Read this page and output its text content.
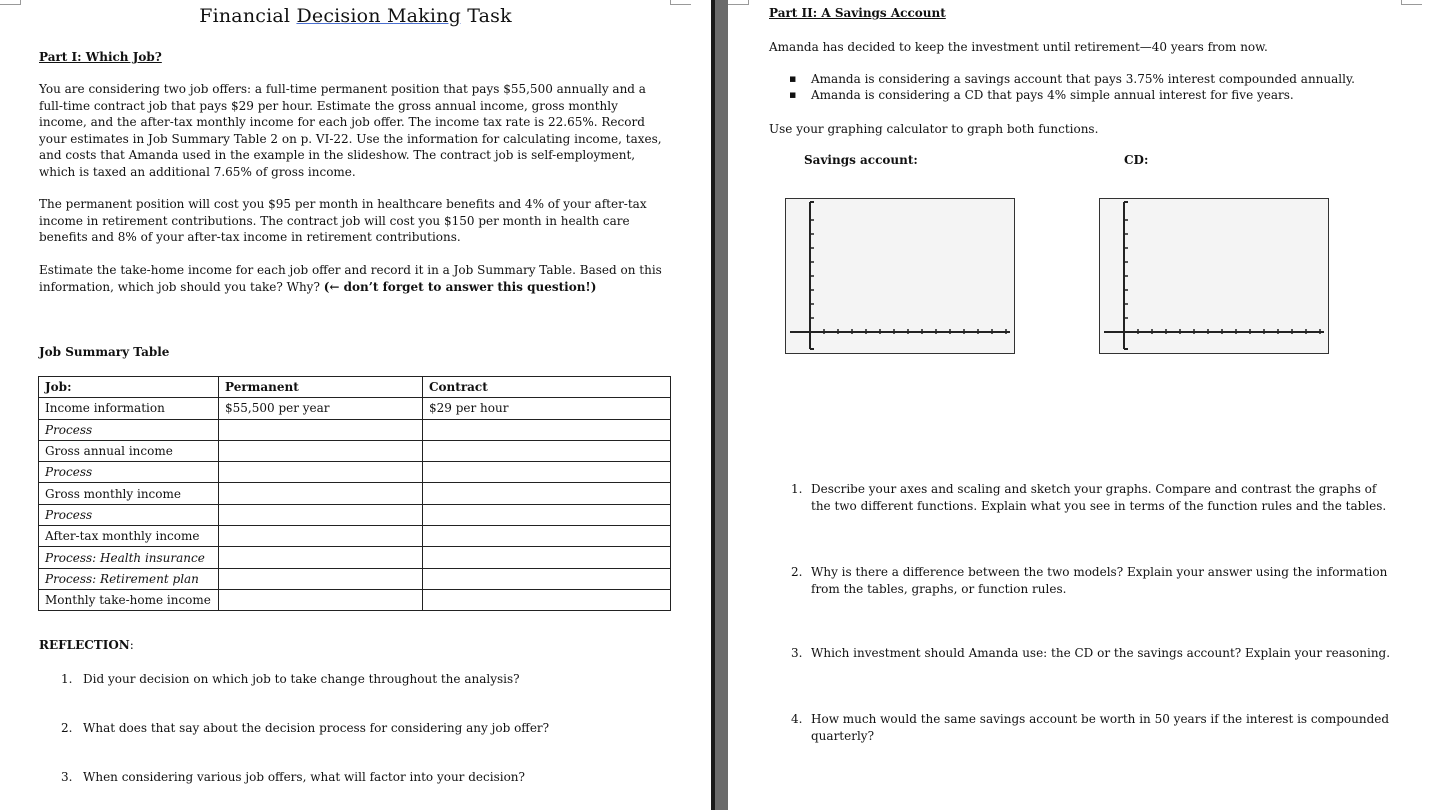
Financial Decision Making Task
Part I: Which Job?
You are considering two job offers: a full-time permanent position that pays $55,500 annually and a full-time contract job that pays $29 per hour. Estimate the gross annual income, gross monthly income, and the after-tax monthly income for each job offer. The income tax rate is 22.65%. Record your estimates in Job Summary Table 2 on p. VI-22. Use the information for calculating income, taxes, and costs that Amanda used in the example in the slideshow. The contract job is self-employment, which is taxed an additional 7.65% of gross income.
The permanent position will cost you $95 per month in healthcare benefits and 4% of your after-tax income in retirement contributions. The contract job will cost you $150 per month in health care benefits and 8% of your after-tax income in retirement contributions.
Estimate the take-home income for each job offer and record it in a Job Summary Table. Based on this information, which job should you take? Why? (← don’t forget to answer this question!)
Job Summary Table
Job:	Permanent	Contract
Income information	$55,500 per year	$29 per hour
Process		
Gross annual income		
Process		
Gross monthly income		
Process		
After-tax monthly income		
Process: Health insurance		
Process: Retirement plan		
Monthly take-home income		
REFLECTION:
1. Did your decision on which job to take change throughout the analysis?
2. What does that say about the decision process for considering any job offer?
3. When considering various job offers, what will factor into your decision?
Part II: A Savings Account
Amanda has decided to keep the investment until retirement—40 years from now.
▪ Amanda is considering a savings account that pays 3.75% interest compounded annually.
▪ Amanda is considering a CD that pays 4% simple annual interest for five years.
Use your graphing calculator to graph both functions.
Savings account:	CD:
1. Describe your axes and scaling and sketch your graphs. Compare and contrast the graphs of the two different functions. Explain what you see in terms of the function rules and the tables.
2. Why is there a difference between the two models? Explain your answer using the information from the tables, graphs, or function rules.
3. Which investment should Amanda use: the CD or the savings account? Explain your reasoning.
4. How much would the same savings account be worth in 50 years if the interest is compounded quarterly?
